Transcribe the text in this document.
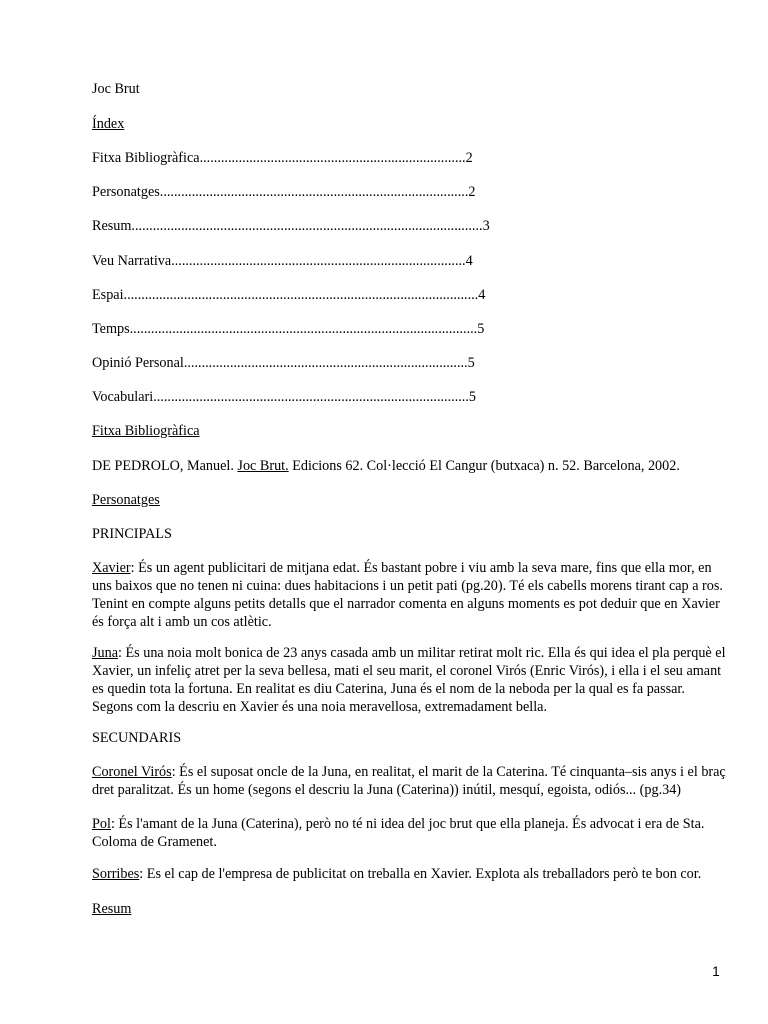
Joc Brut

Índex

Fitxa Bibliogràfica...........................................................................2

Personatges.......................................................................................2

Resum...................................................................................................3

Veu Narrativa...................................................................................4

Espai....................................................................................................4

Temps..................................................................................................5

Opinió Personal................................................................................5

Vocabulari.........................................................................................5

Fitxa Bibliogràfica

DE PEDROLO, Manuel. Joc Brut. Edicions 62. Col·lecció El Cangur (butxaca) n. 52. Barcelona, 2002.

Personatges

PRINCIPALS

Xavier: És un agent publicitari de mitjana edat. És bastant pobre i viu amb la seva mare, fins que ella mor, en uns baixos que no tenen ni cuina: dues habitacions i un petit pati (pg.20). Té els cabells morens tirant cap a ros. Tenint en compte alguns petits detalls que el narrador comenta en alguns moments es pot deduir que en Xavier és força alt i amb un cos atlètic.

Juna: És una noia molt bonica de 23 anys casada amb un militar retirat molt ric. Ella és qui idea el pla perquè el Xavier, un infeliç atret per la seva bellesa, mati el seu marit, el coronel Virós (Enric Virós), i ella i el seu amant es quedin tota la fortuna. En realitat es diu Caterina, Juna és el nom de la neboda per la qual es fa passar. Segons com la descriu en Xavier és una noia meravellosa, extremadament bella.

SECUNDARIS

Coronel Virós: És el suposat oncle de la Juna, en realitat, el marit de la Caterina. Té cinquanta–sis anys i el braç dret paralitzat. És un home (segons el descriu la Juna (Caterina)) inútil, mesquí, egoista, odiós... (pg.34)

Pol: És l'amant de la Juna (Caterina), però no té ni idea del joc brut que ella planeja. És advocat i era de Sta. Coloma de Gramenet.

Sorribes: Es el cap de l'empresa de publicitat on treballa en Xavier. Explota als treballadors però te bon cor.

Resum

1
